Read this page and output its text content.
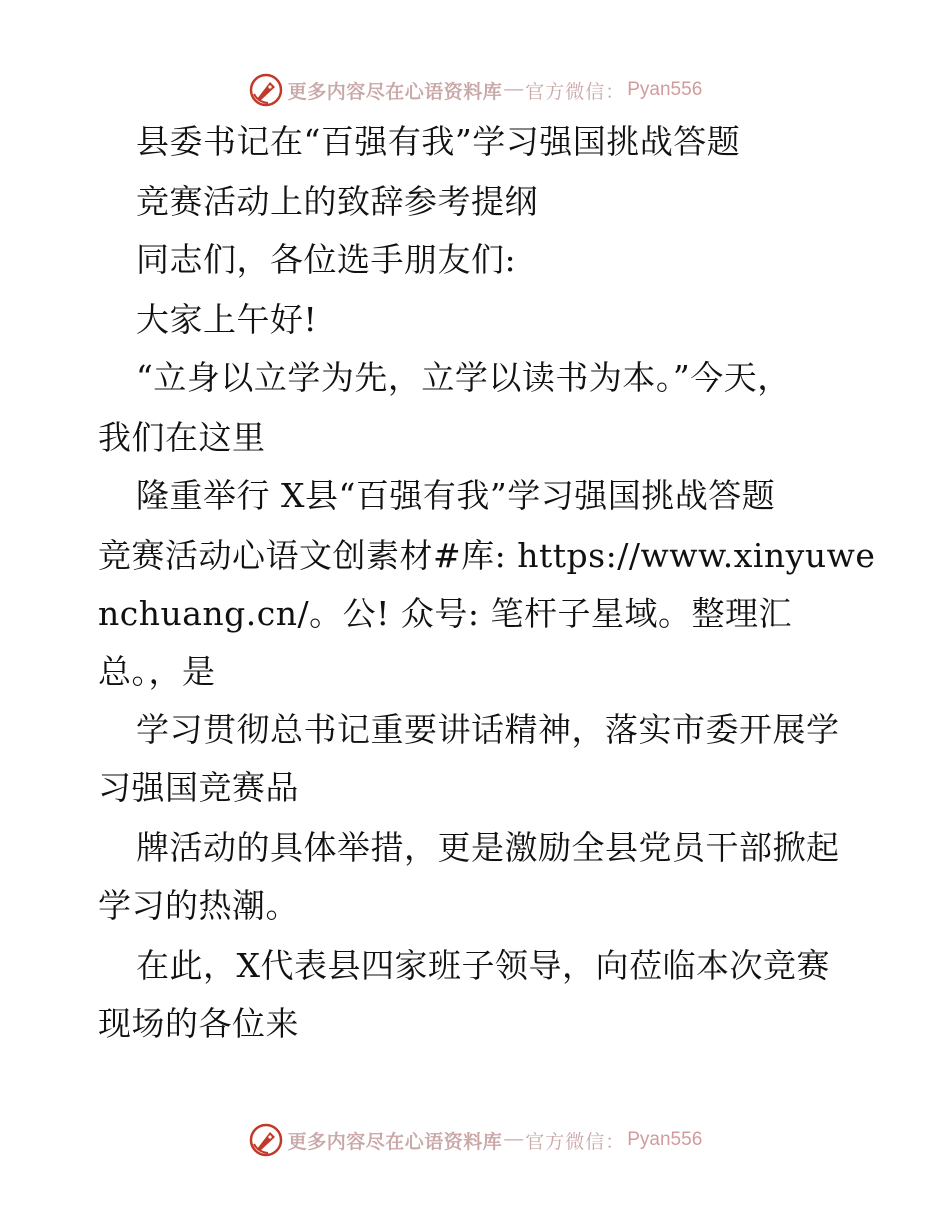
更多内容尽在心语资料库 — 官方微信： Pyan556
县委书记在“百强有我”学习强国挑战答题
竞赛活动上的致辞参考提纲
同志们，各位选手朋友们:
大家上午好!
“立身以立学为先，立学以读书为本。”今天，
我们在这里
隆重举行 X县“百强有我”学习强国挑战答题
竞赛活动心语文创素材#库: https://www.xinyuwe
nchuang.cn/。公! 众号: 笔杆子星域。整理汇
总。，是
学习贯彻总书记重要讲话精神，落实市委开展学
习强国竞赛品
牌活动的具体举措，更是激励全县党员干部掀起
学习的热潮。
在此，X代表县四家班子领导，向莅临本次竞赛
现场的各位来
更多内容尽在心语资料库 — 官方微信： Pyan556
